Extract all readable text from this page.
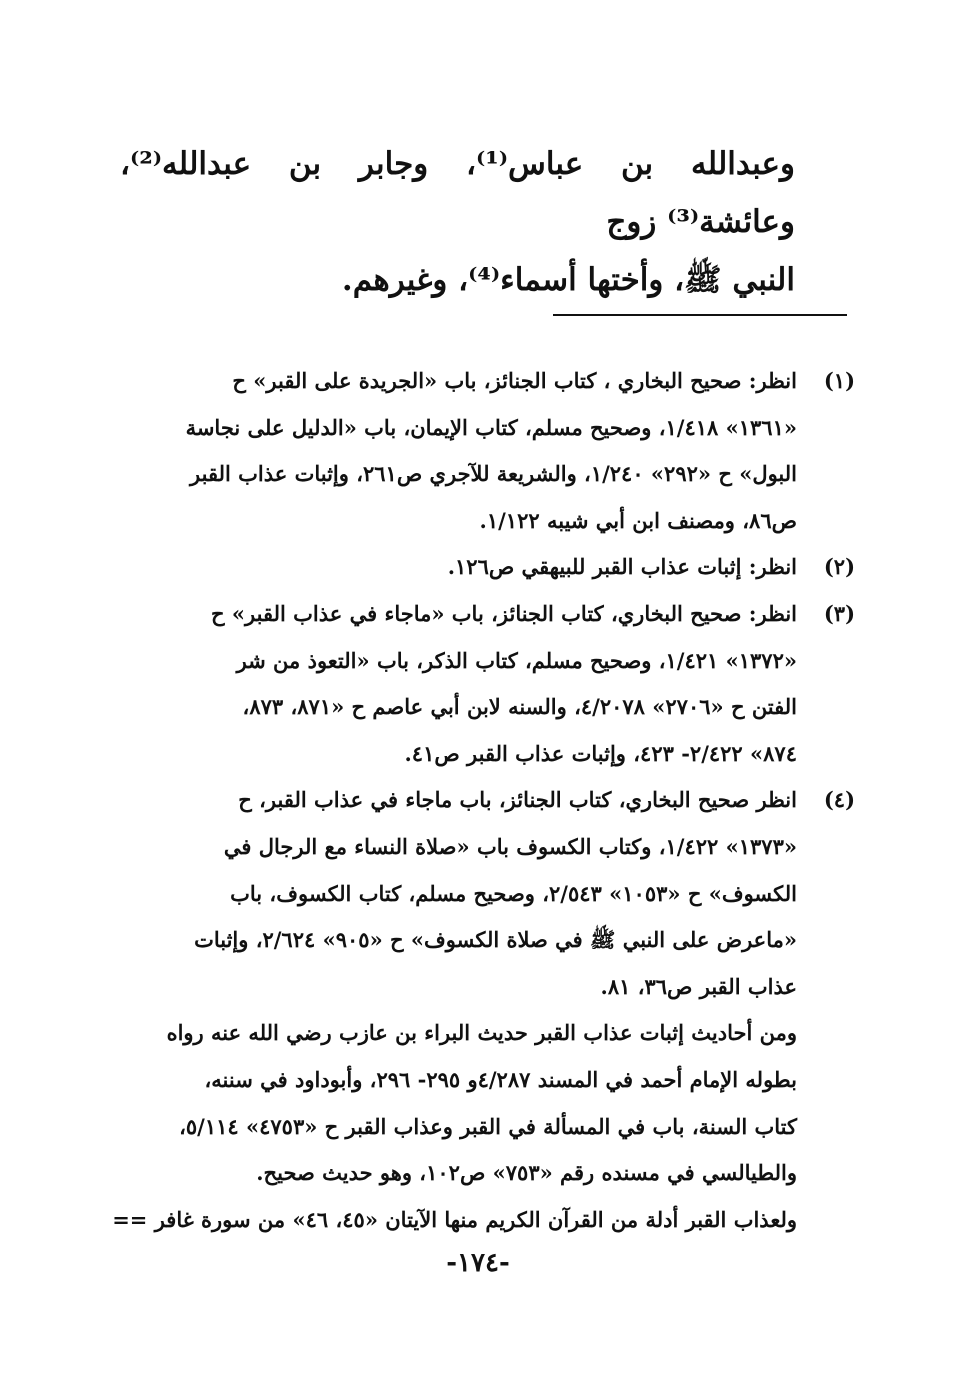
وعبدالله بن عباس⁽¹⁾، وجابر بن عبدالله⁽²⁾، وعائشة⁽³⁾ زوج

النبي ﷺ، وأختها أسماء⁽⁴⁾، وغيرهم.

(١)

انظر: صحيح البخاري ، كتاب الجنائز، باب «الجريدة على القبر» ح

«١٣٦١» ١/٤١٨، وصحيح مسلم، كتاب الإيمان، باب «الدليل على نجاسة

البول» ح «٢٩٢» ١/٢٤٠، والشريعة للآجري ص٢٦١، وإثبات عذاب القبر

ص٨٦، ومصنف ابن أبي شيبه ١/١٢٢.

(٢)

انظر: إثبات عذاب القبر للبيهقي ص١٢٦.

(٣)

انظر: صحيح البخاري، كتاب الجنائز، باب «ماجاء في عذاب القبر» ح

«١٣٧٢» ١/٤٢١، وصحيح مسلم، كتاب الذكر، باب «التعوذ من شر

الفتن ح «٢٧٠٦» ٤/٢٠٧٨، والسنه لابن أبي عاصم ح «٨٧١، ٨٧٣،

٨٧٤» ٢/٤٢٢- ٤٢٣، وإثبات عذاب القبر ص٤١.

(٤)

انظر صحيح البخاري، كتاب الجنائز، باب ماجاء في عذاب القبر، ح

«١٣٧٣» ١/٤٢٢، وكتاب الكسوف باب «صلاة النساء مع الرجال في

الكسوف» ح «١٠٥٣» ٢/٥٤٣، وصحيح مسلم، كتاب الكسوف، باب

«ماعرض على النبي ﷺ في صلاة الكسوف» ح «٩٠٥» ٢/٦٢٤، وإثبات

عذاب القبر ص٣٦، ٨١.

ومن أحاديث إثبات عذاب القبر حديث البراء بن عازب رضي الله عنه رواه

بطوله الإمام أحمد في المسند ٤/٢٨٧و ٢٩٥- ٢٩٦، وأبوداود في سننه،

كتاب السنة، باب في المسألة في القبر وعذاب القبر ح «٤٧٥٣» ٥/١١٤،

والطيالسي في مسنده رقم «٧٥٣» ص١٠٢، وهو حديث صحيح.

ولعذاب القبر أدلة من القرآن الكريم منها الآيتان «٤٥، ٤٦» من سورة غافر ==

-١٧٤-
